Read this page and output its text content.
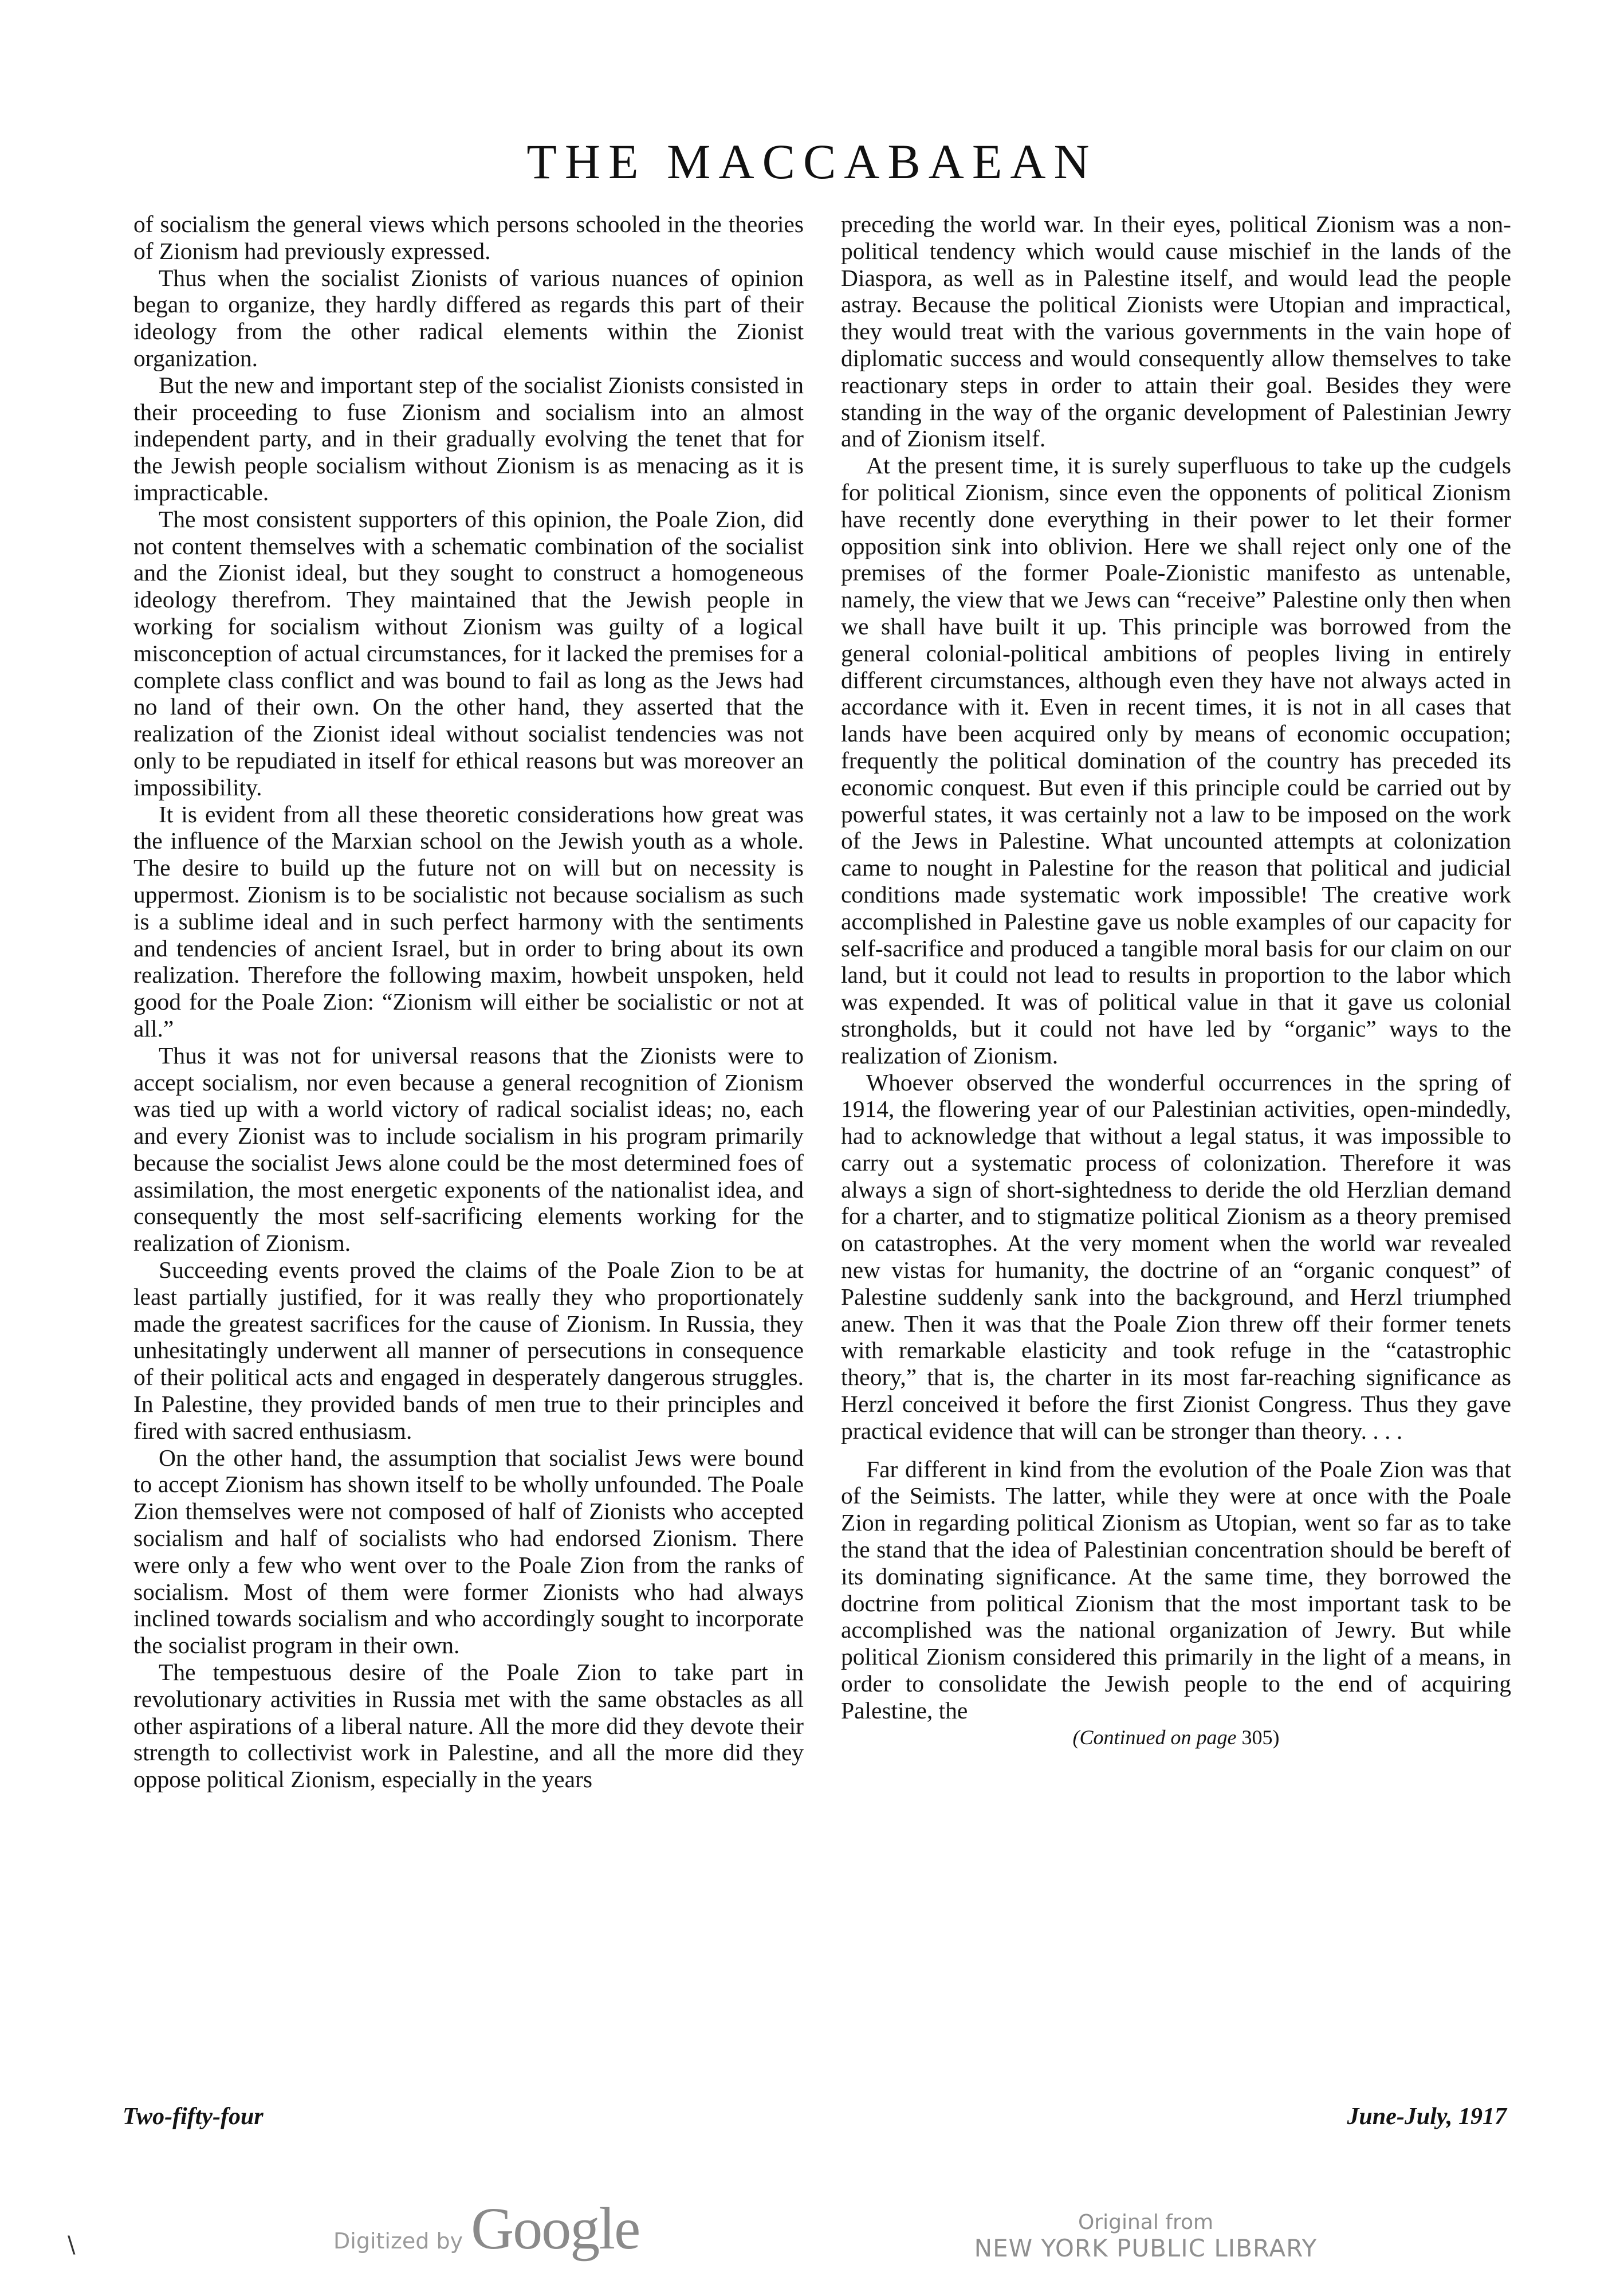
THE MACCABAEAN

of socialism the general views which persons schooled in the theories of Zionism had previously expressed.

Thus when the socialist Zionists of various nuances of opinion began to organize, they hardly differed as regards this part of their ideology from the other radical elements within the Zionist organization.

But the new and important step of the socialist Zionists consisted in their proceeding to fuse Zionism and socialism into an almost independent party, and in their gradually evolving the tenet that for the Jewish people socialism without Zionism is as menacing as it is impracticable.

The most consistent supporters of this opinion, the Poale Zion, did not content themselves with a schematic combination of the socialist and the Zionist ideal, but they sought to construct a homogeneous ideology therefrom. They maintained that the Jewish people in working for socialism without Zionism was guilty of a logical misconception of actual circumstances, for it lacked the premises for a complete class conflict and was bound to fail as long as the Jews had no land of their own. On the other hand, they asserted that the realization of the Zionist ideal without socialist tendencies was not only to be repudiated in itself for ethical reasons but was moreover an impossibility.

It is evident from all these theoretic considerations how great was the influence of the Marxian school on the Jewish youth as a whole. The desire to build up the future not on will but on necessity is uppermost. Zionism is to be socialistic not because socialism as such is a sublime ideal and in such perfect harmony with the sentiments and tendencies of ancient Israel, but in order to bring about its own realization. Therefore the following maxim, howbeit unspoken, held good for the Poale Zion: “Zionism will either be socialistic or not at all.”

Thus it was not for universal reasons that the Zionists were to accept socialism, nor even because a general recognition of Zionism was tied up with a world victory of radical socialist ideas; no, each and every Zionist was to include socialism in his program primarily because the socialist Jews alone could be the most determined foes of assimilation, the most energetic exponents of the nationalist idea, and consequently the most self-sacrificing elements working for the realization of Zionism.

Succeeding events proved the claims of the Poale Zion to be at least partially justified, for it was really they who proportionately made the greatest sacrifices for the cause of Zionism. In Russia, they unhesitatingly underwent all manner of persecutions in consequence of their political acts and engaged in desperately dangerous struggles. In Palestine, they provided bands of men true to their principles and fired with sacred enthusiasm.

On the other hand, the assumption that socialist Jews were bound to accept Zionism has shown itself to be wholly unfounded. The Poale Zion themselves were not composed of half of Zionists who accepted socialism and half of socialists who had endorsed Zionism. There were only a few who went over to the Poale Zion from the ranks of socialism. Most of them were former Zionists who had always inclined towards socialism and who accordingly sought to incorporate the socialist program in their own.

The tempestuous desire of the Poale Zion to take part in revolutionary activities in Russia met with the same obstacles as all other aspirations of a liberal nature. All the more did they devote their strength to collectivist work in Palestine, and all the more did they oppose political Zionism, especially in the years

preceding the world war. In their eyes, political Zionism was a non-political tendency which would cause mischief in the lands of the Diaspora, as well as in Palestine itself, and would lead the people astray. Because the political Zionists were Utopian and impractical, they would treat with the various governments in the vain hope of diplomatic success and would consequently allow themselves to take reactionary steps in order to attain their goal. Besides they were standing in the way of the organic development of Palestinian Jewry and of Zionism itself.

At the present time, it is surely superfluous to take up the cudgels for political Zionism, since even the opponents of political Zionism have recently done everything in their power to let their former opposition sink into oblivion. Here we shall reject only one of the premises of the former Poale-Zionistic manifesto as untenable, namely, the view that we Jews can “receive” Palestine only then when we shall have built it up. This principle was borrowed from the general colonial-political ambitions of peoples living in entirely different circumstances, although even they have not always acted in accordance with it. Even in recent times, it is not in all cases that lands have been acquired only by means of economic occupation; frequently the political domination of the country has preceded its economic conquest. But even if this principle could be carried out by powerful states, it was certainly not a law to be imposed on the work of the Jews in Palestine. What uncounted attempts at colonization came to nought in Palestine for the reason that political and judicial conditions made systematic work impossible! The creative work accomplished in Palestine gave us noble examples of our capacity for self-sacrifice and produced a tangible moral basis for our claim on our land, but it could not lead to results in proportion to the labor which was expended. It was of political value in that it gave us colonial strongholds, but it could not have led by “organic” ways to the realization of Zionism.

Whoever observed the wonderful occurrences in the spring of 1914, the flowering year of our Palestinian activities, open-mindedly, had to acknowledge that without a legal status, it was impossible to carry out a systematic process of colonization. Therefore it was always a sign of short-sightedness to deride the old Herzlian demand for a charter, and to stigmatize political Zionism as a theory premised on catastrophes. At the very moment when the world war revealed new vistas for humanity, the doctrine of an “organic conquest” of Palestine suddenly sank into the background, and Herzl triumphed anew. Then it was that the Poale Zion threw off their former tenets with remarkable elasticity and took refuge in the “catastrophic theory,” that is, the charter in its most far-reaching significance as Herzl conceived it before the first Zionist Congress. Thus they gave practical evidence that will can be stronger than theory. . . .

Far different in kind from the evolution of the Poale Zion was that of the Seimists. The latter, while they were at once with the Poale Zion in regarding political Zionism as Utopian, went so far as to take the stand that the idea of Palestinian concentration should be bereft of its dominating significance. At the same time, they borrowed the doctrine from political Zionism that the most important task to be accomplished was the national organization of Jewry. But while political Zionism considered this primarily in the light of a means, in order to consolidate the Jewish people to the end of acquiring Palestine, the

(Continued on page 305)

Two-fifty-four	June-July, 1917
Digitized by Google	Original from
NEW YORK PUBLIC LIBRARY
\
